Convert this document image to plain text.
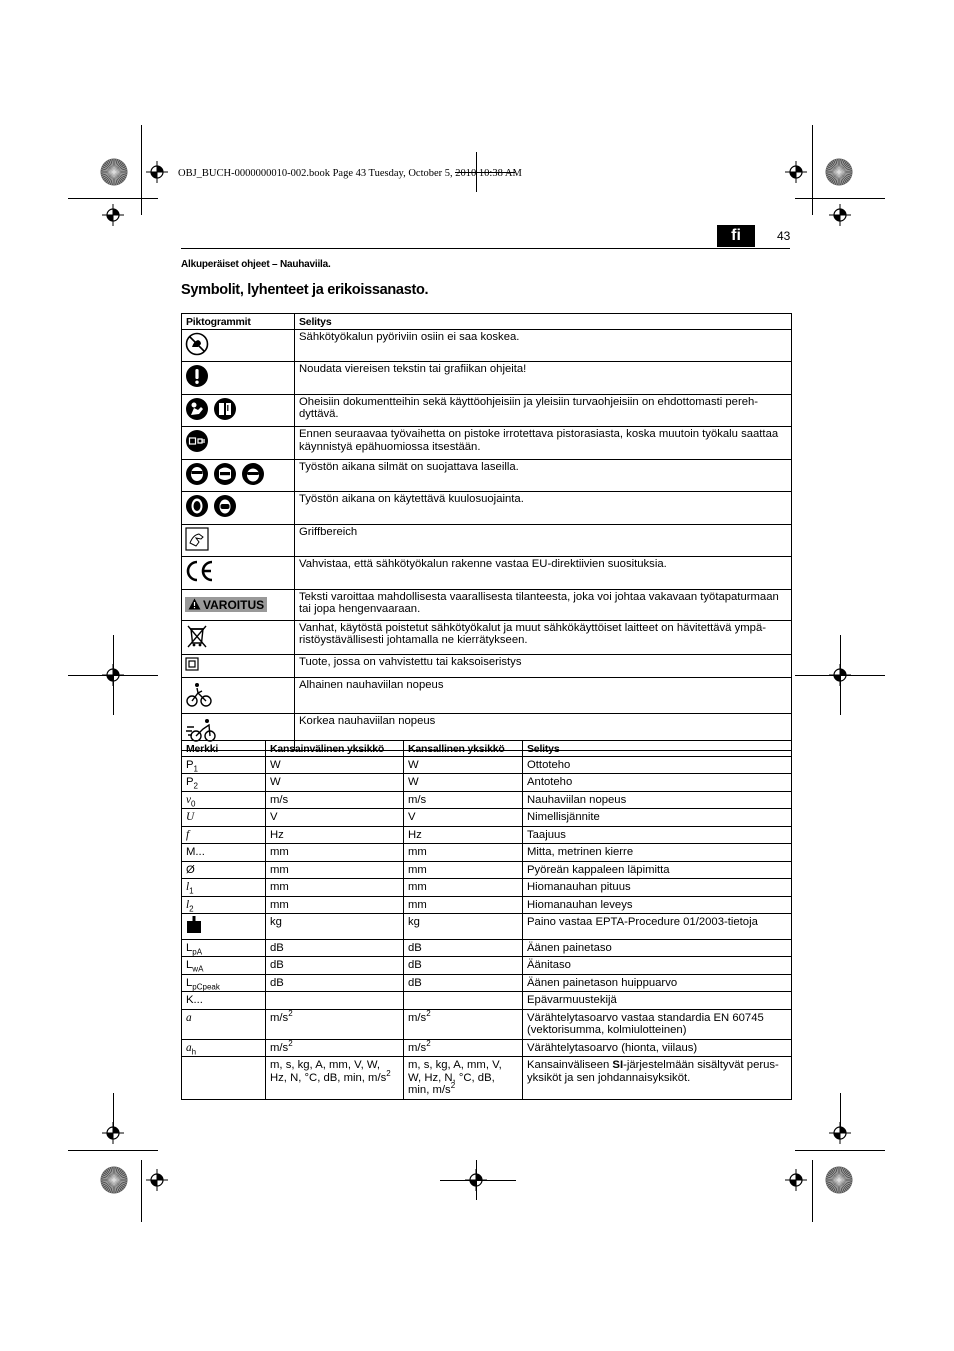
OBJ_BUCH-0000000010-002.book Page 43 Tuesday, October 5, 2010 10:38 AM
fi	43
Alkuperäiset ohjeet – Nauhaviila.
Symbolit, lyhenteet ja erikoissanasto.
Piktogrammit	Selitys
	Sähkötyökalun pyöriviin osiin ei saa koskea.
	Noudata viereisen tekstin tai grafiikan ohjeita!
	Oheisiin dokumentteihin sekä käyttöohjeisiin ja yleisiin turvaohjeisiin on ehdottomasti pereh-dyttävä.
	Ennen seuraavaa työvaihetta on pistoke irrotettava pistorasiasta, koska muutoin työkalu saattaa käynnistyä epähuomiossa itsestään.
	Työstön aikana silmät on suojattava laseilla.
	Työstön aikana on käytettävä kuulosuojainta.
	Griffbereich
	Vahvistaa, että sähkötyökalun rakenne vastaa EU-direktiivien suosituksia.
VAROITUS	Teksti varoittaa mahdollisesta vaarallisesta tilanteesta, joka voi johtaa vakavaan työtapaturmaan tai jopa hengenvaaraan.
	Vanhat, käytöstä poistetut sähkötyökalut ja muut sähkökäyttöiset laitteet on hävitettävä ympä-ristöystävällisesti johtamalla ne kierrätykseen.
	Tuote, jossa on vahvistettu tai kaksoiseristys
	Alhainen nauhaviilan nopeus
	Korkea nauhaviilan nopeus
Merkki	Kansainvälinen yksikkö	Kansallinen yksikkö	Selitys
$P_1$	W	W	Ottoteho
$P_2$	W	W	Antoteho
$v_0$	m/s	m/s	Nauhaviilan nopeus
U	V	V	Nimellisjännite
f	Hz	Hz	Taajuus
M...	mm	mm	Mitta, metrinen kierre
Ø	mm	mm	Pyöreän kappaleen läpimitta
$l_1$	mm	mm	Hiomanauhan pituus
$l_2$	mm	mm	Hiomanauhan leveys
	kg	kg	Paino vastaa EPTA-Procedure 01/2003-tietoja
$L_{pA}$	dB	dB	Äänen painetaso
$L_{wA}$	dB	dB	Äänitaso
$L_{pCpeak}$	dB	dB	Äänen painetason huippuarvo
K...			Epävarmuustekijä
a	$m/s^2$	$m/s^2$	Värähtelytasoarvo vastaa standardia EN 60745 (vektorisumma, kolmiulotteinen)
$a_h$	$m/s^2$	$m/s^2$	Värähtelytasoarvo (hionta, viilaus)
	m, s, kg, A, mm, V, W, Hz, N, °C, dB, min, $m/s^2$	m, s, kg, A, mm, V, W, Hz, N, °C, dB, min, $m/s^2$	Kansainväliseen SI-järjestelmään sisältyvät perus-yksiköt ja sen johdannaisyksiköt.
